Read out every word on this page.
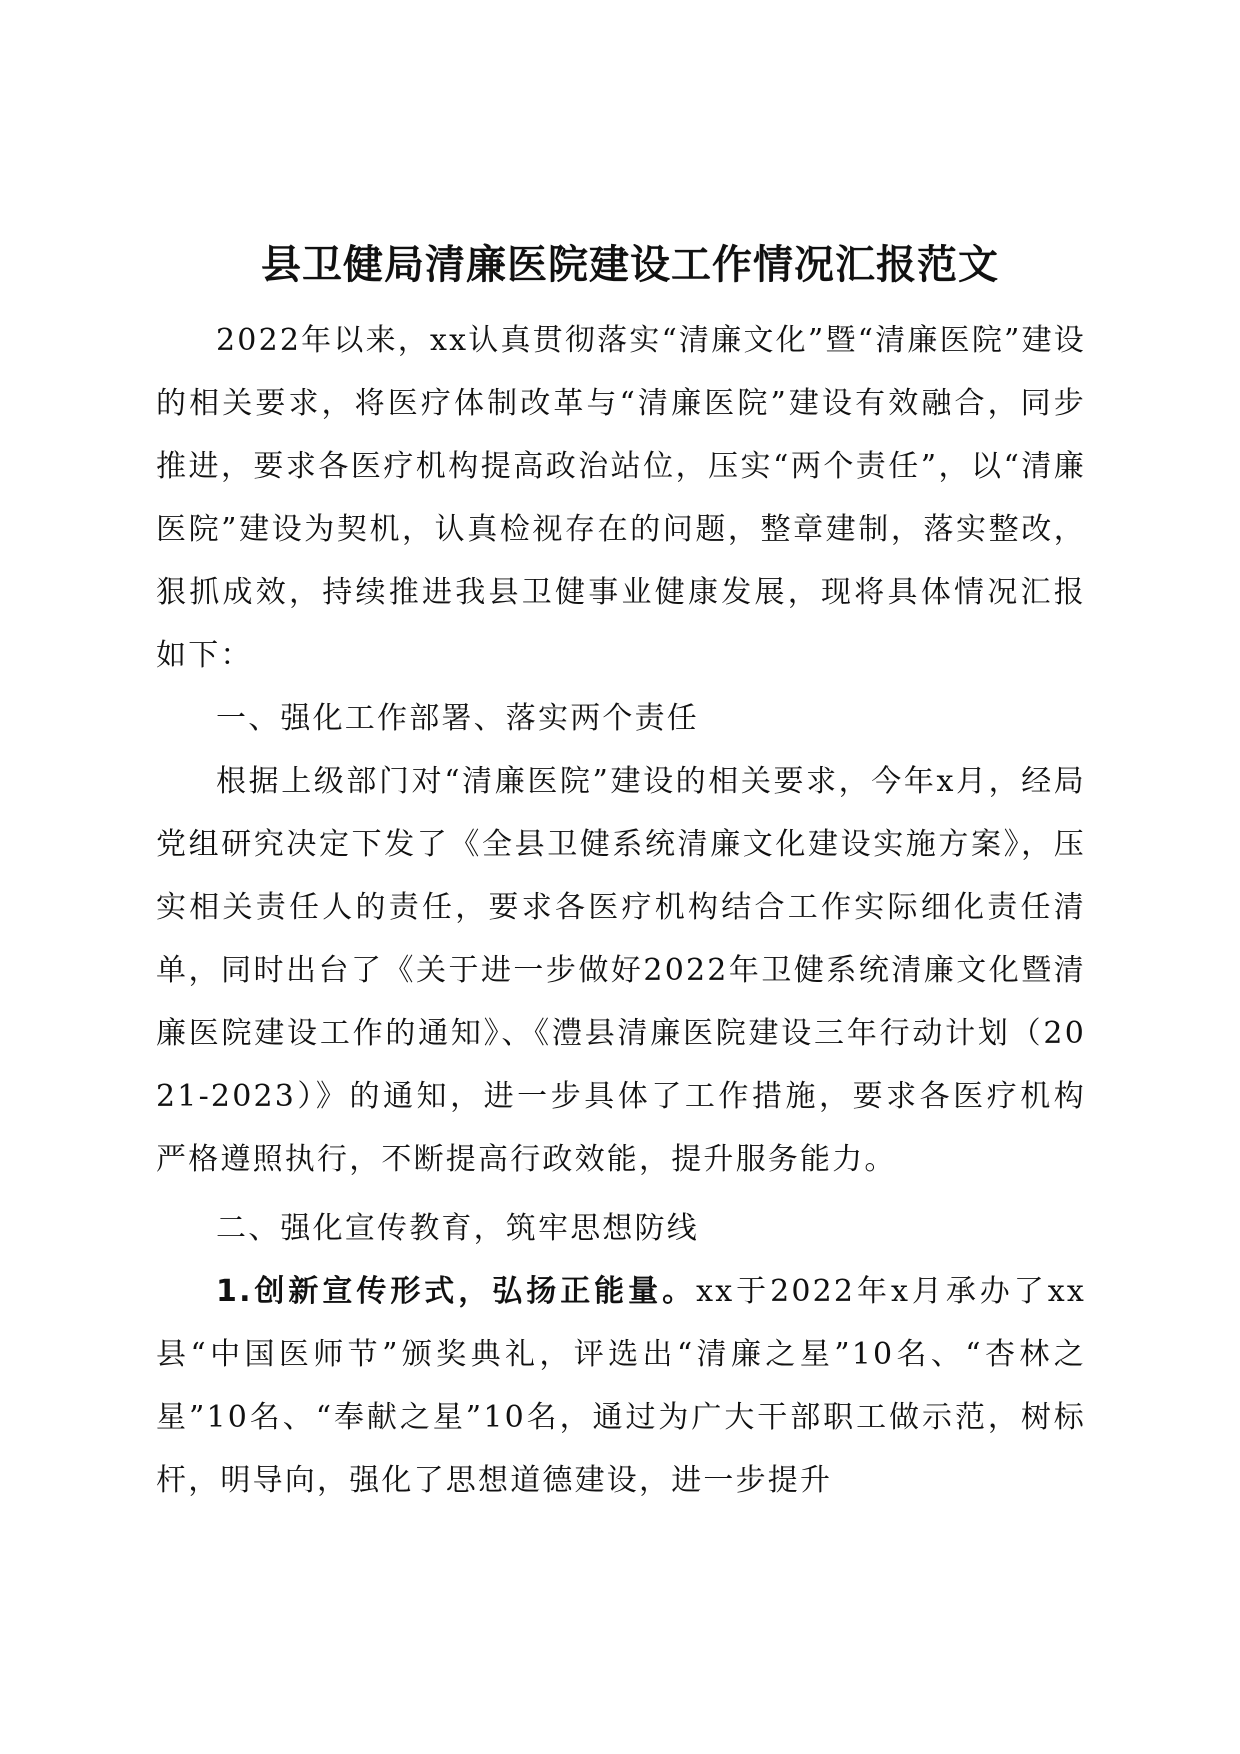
县卫健局清廉医院建设工作情况汇报范文

2022年以来，xx认真贯彻落实“清廉文化”暨“清廉医院”建设的相关要求，将医疗体制改革与“清廉医院”建设有效融合，同步推进，要求各医疗机构提高政治站位，压实“两个责任”，以“清廉医院”建设为契机，认真检视存在的问题，整章建制，落实整改，狠抓成效，持续推进我县卫健事业健康发展，现将具体情况汇报如下：

一、强化工作部署、落实两个责任

根据上级部门对“清廉医院”建设的相关要求，今年x月，经局党组研究决定下发了《全县卫健系统清廉文化建设实施方案》，压实相关责任人的责任，要求各医疗机构结合工作实际细化责任清单，同时出台了《关于进一步做好2022年卫健系统清廉文化暨清廉医院建设工作的通知》、《澧县清廉医院建设三年行动计划（2021-2023）》的通知，进一步具体了工作措施，要求各医疗机构严格遵照执行，不断提高行政效能，提升服务能力。

二、强化宣传教育，筑牢思想防线

1.创新宣传形式，弘扬正能量。xx于2022年x月承办了xx县“中国医师节”颁奖典礼，评选出“清廉之星”10名、“杏林之星”10名、“奉献之星”10名，通过为广大干部职工做示范，树标杆，明导向，强化了思想道德建设，进一步提升
